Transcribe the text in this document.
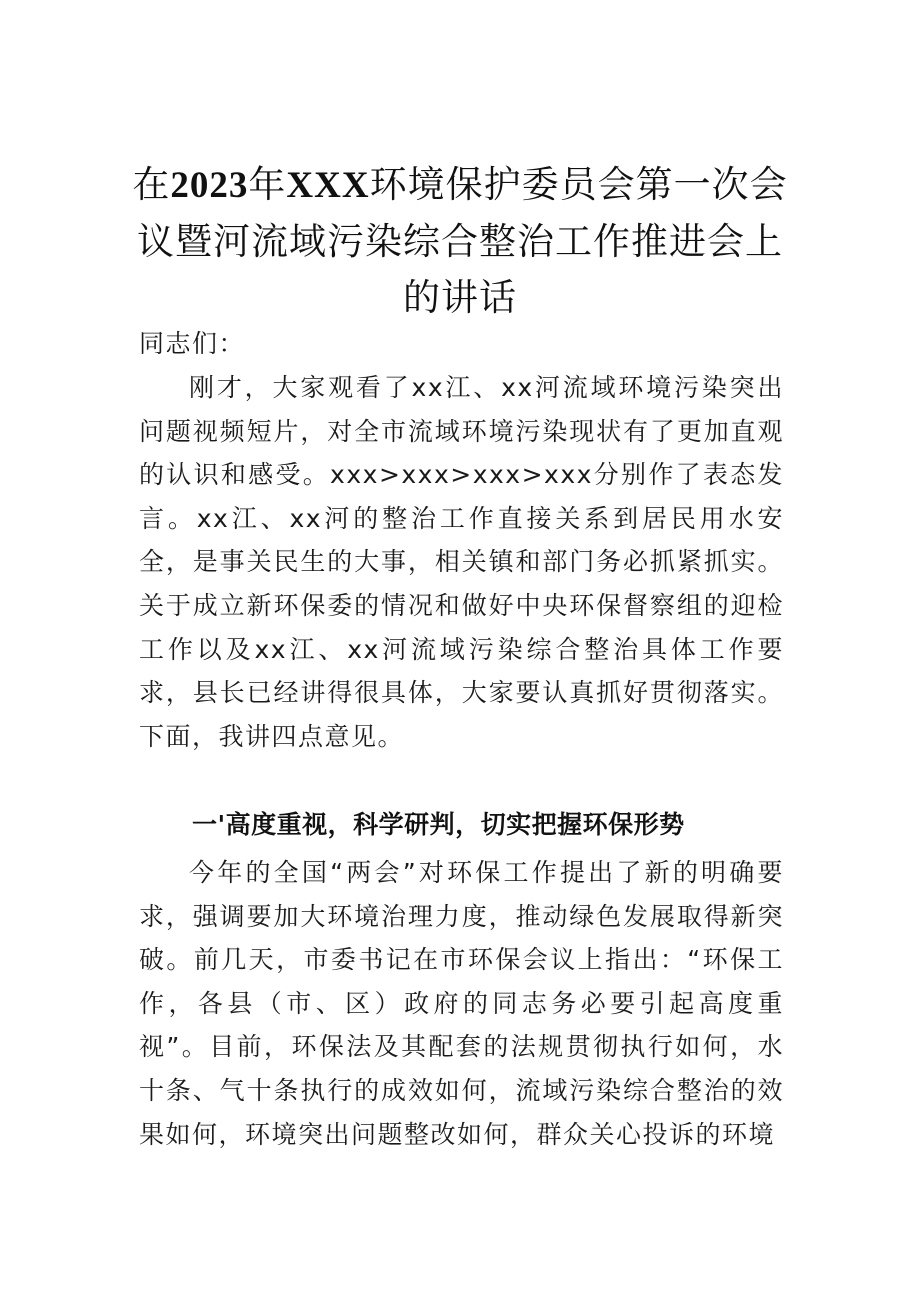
在2023年XXX环境保护委员会第一次会议暨河流域污染综合整治工作推进会上的讲话
同志们：
刚才，大家观看了xx江、xx河流域环境污染突出问题视频短片，对全市流域环境污染现状有了更加直观的认识和感受。xxx>xxx>xxx>xxx分别作了表态发言。xx江、xx河的整治工作直接关系到居民用水安全，是事关民生的大事，相关镇和部门务必抓紧抓实。关于成立新环保委的情况和做好中央环保督察组的迎检工作以及xx江、xx河流域污染综合整治具体工作要求，县长已经讲得很具体，大家要认真抓好贯彻落实。下面，我讲四点意见。
一'高度重视，科学研判，切实把握环保形势
今年的全国“两会”对环保工作提出了新的明确要求，强调要加大环境治理力度，推动绿色发展取得新突破。前几天，市委书记在市环保会议上指出：“环保工作，各县（市、区）政府的同志务必要引起高度重视”。目前，环保法及其配套的法规贯彻执行如何，水十条、气十条执行的成效如何，流域污染综合整治的效果如何，环境突出问题整改如何，群众关心投诉的环境
